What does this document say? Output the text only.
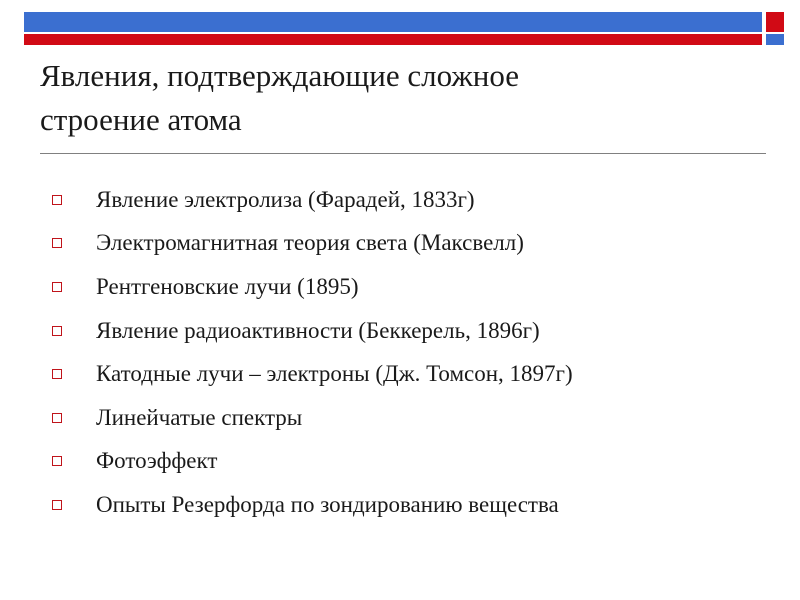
Явления, подтверждающие сложное
строение атома
Явление электролиза (Фарадей, 1833г)
Электромагнитная теория света (Максвелл)
Рентгеновские лучи (1895)
Явление радиоактивности (Беккерель, 1896г)
Катодные лучи – электроны (Дж. Томсон, 1897г)
Линейчатые спектры
Фотоэффект
Опыты Резерфорда по зондированию вещества
